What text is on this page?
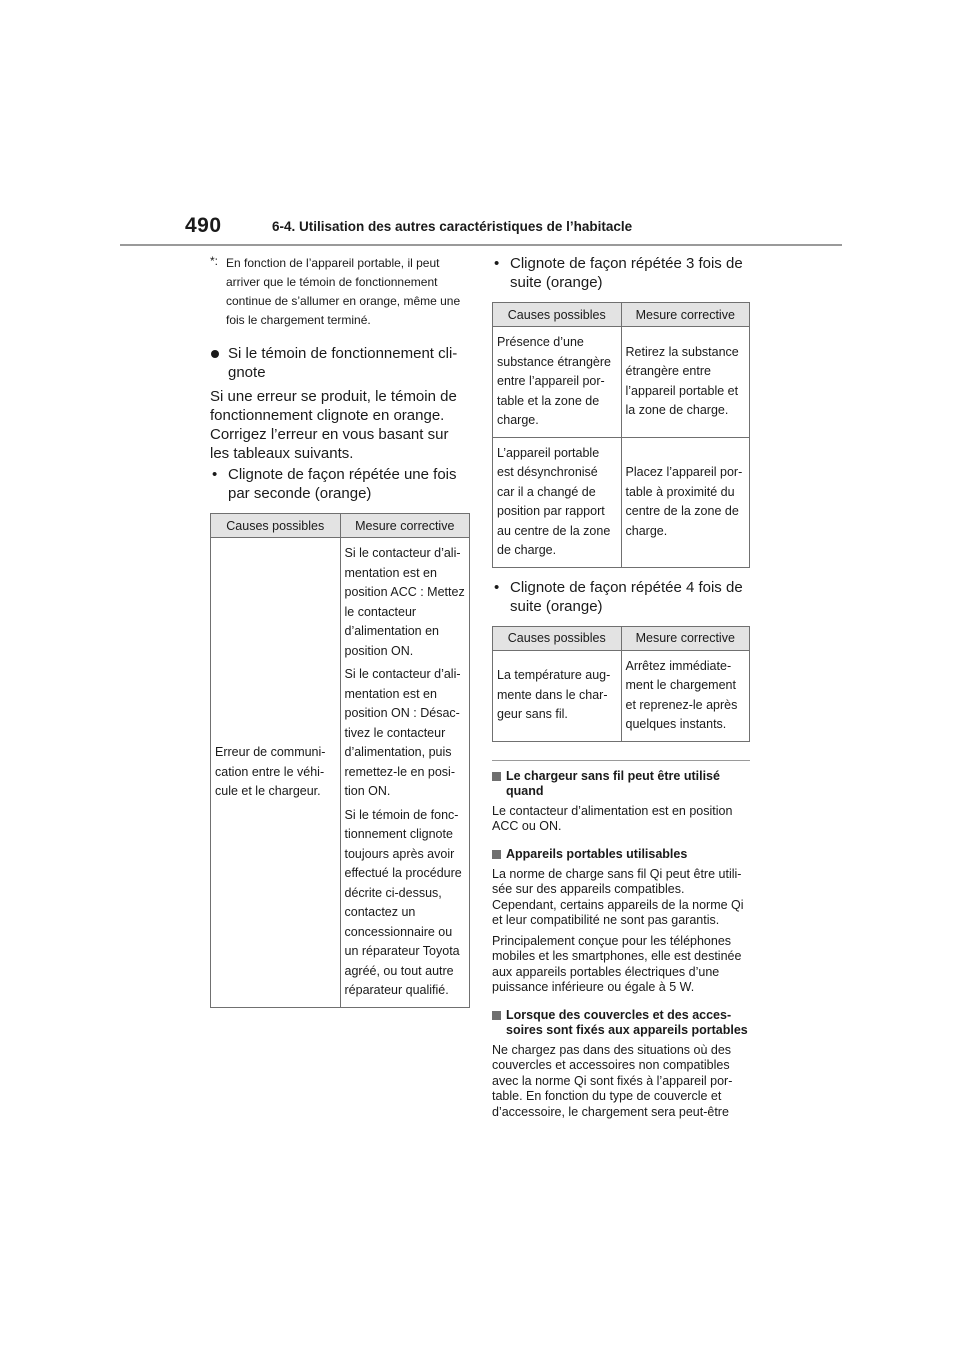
490	6-4. Utilisation des autres caractéristiques de l’habitacle
*: En fonction de l’appareil portable, il peut arriver que le témoin de fonctionnement continue de s’allumer en orange, même une fois le chargement terminé.
Si le témoin de fonctionnement clignote
Si une erreur se produit, le témoin de fonctionnement clignote en orange. Corrigez l’erreur en vous basant sur les tableaux suivants.
• Clignote de façon répétée une fois par seconde (orange)
Causes possibles	Mesure corrective
Erreur de communication entre le véhicule et le chargeur.	Si le contacteur d’alimentation est en position ACC : Mettez le contacteur d’alimentation en position ON.

Si le contacteur d’alimentation est en position ON : Désactivez le contacteur d’alimentation, puis remettez-le en position ON.

Si le témoin de fonctionnement clignote toujours après avoir effectué la procédure décrite ci-dessus, contactez un concessionnaire ou un réparateur Toyota agréé, ou tout autre réparateur qualifié.

• Clignote de façon répétée 3 fois de suite (orange)
Causes possibles	Mesure corrective
Présence d’une substance étrangère entre l’appareil portable et la zone de charge.	Retirez la substance étrangère entre l’appareil portable et la zone de charge.
L’appareil portable est désynchronisé car il a changé de position par rapport au centre de la zone de charge.	Placez l’appareil portable à proximité du centre de la zone de charge.
• Clignote de façon répétée 4 fois de suite (orange)
Causes possibles	Mesure corrective
La température augmente dans le chargeur sans fil.	Arrêtez immédiatement le chargement et reprenez-le après quelques instants.
Le chargeur sans fil peut être utilisé quand
Le contacteur d’alimentation est en position ACC ou ON.
Appareils portables utilisables
La norme de charge sans fil Qi peut être utilisée sur des appareils compatibles. Cependant, certains appareils de la norme Qi et leur compatibilité ne sont pas garantis.
Principalement conçue pour les téléphones mobiles et les smartphones, elle est destinée aux appareils portables électriques d’une puissance inférieure ou égale à 5 W.
Lorsque des couvercles et des accessoires sont fixés aux appareils portables
Ne chargez pas dans des situations où des couvercles et accessoires non compatibles avec la norme Qi sont fixés à l’appareil portable. En fonction du type de couvercle et d’accessoire, le chargement sera peut-être
